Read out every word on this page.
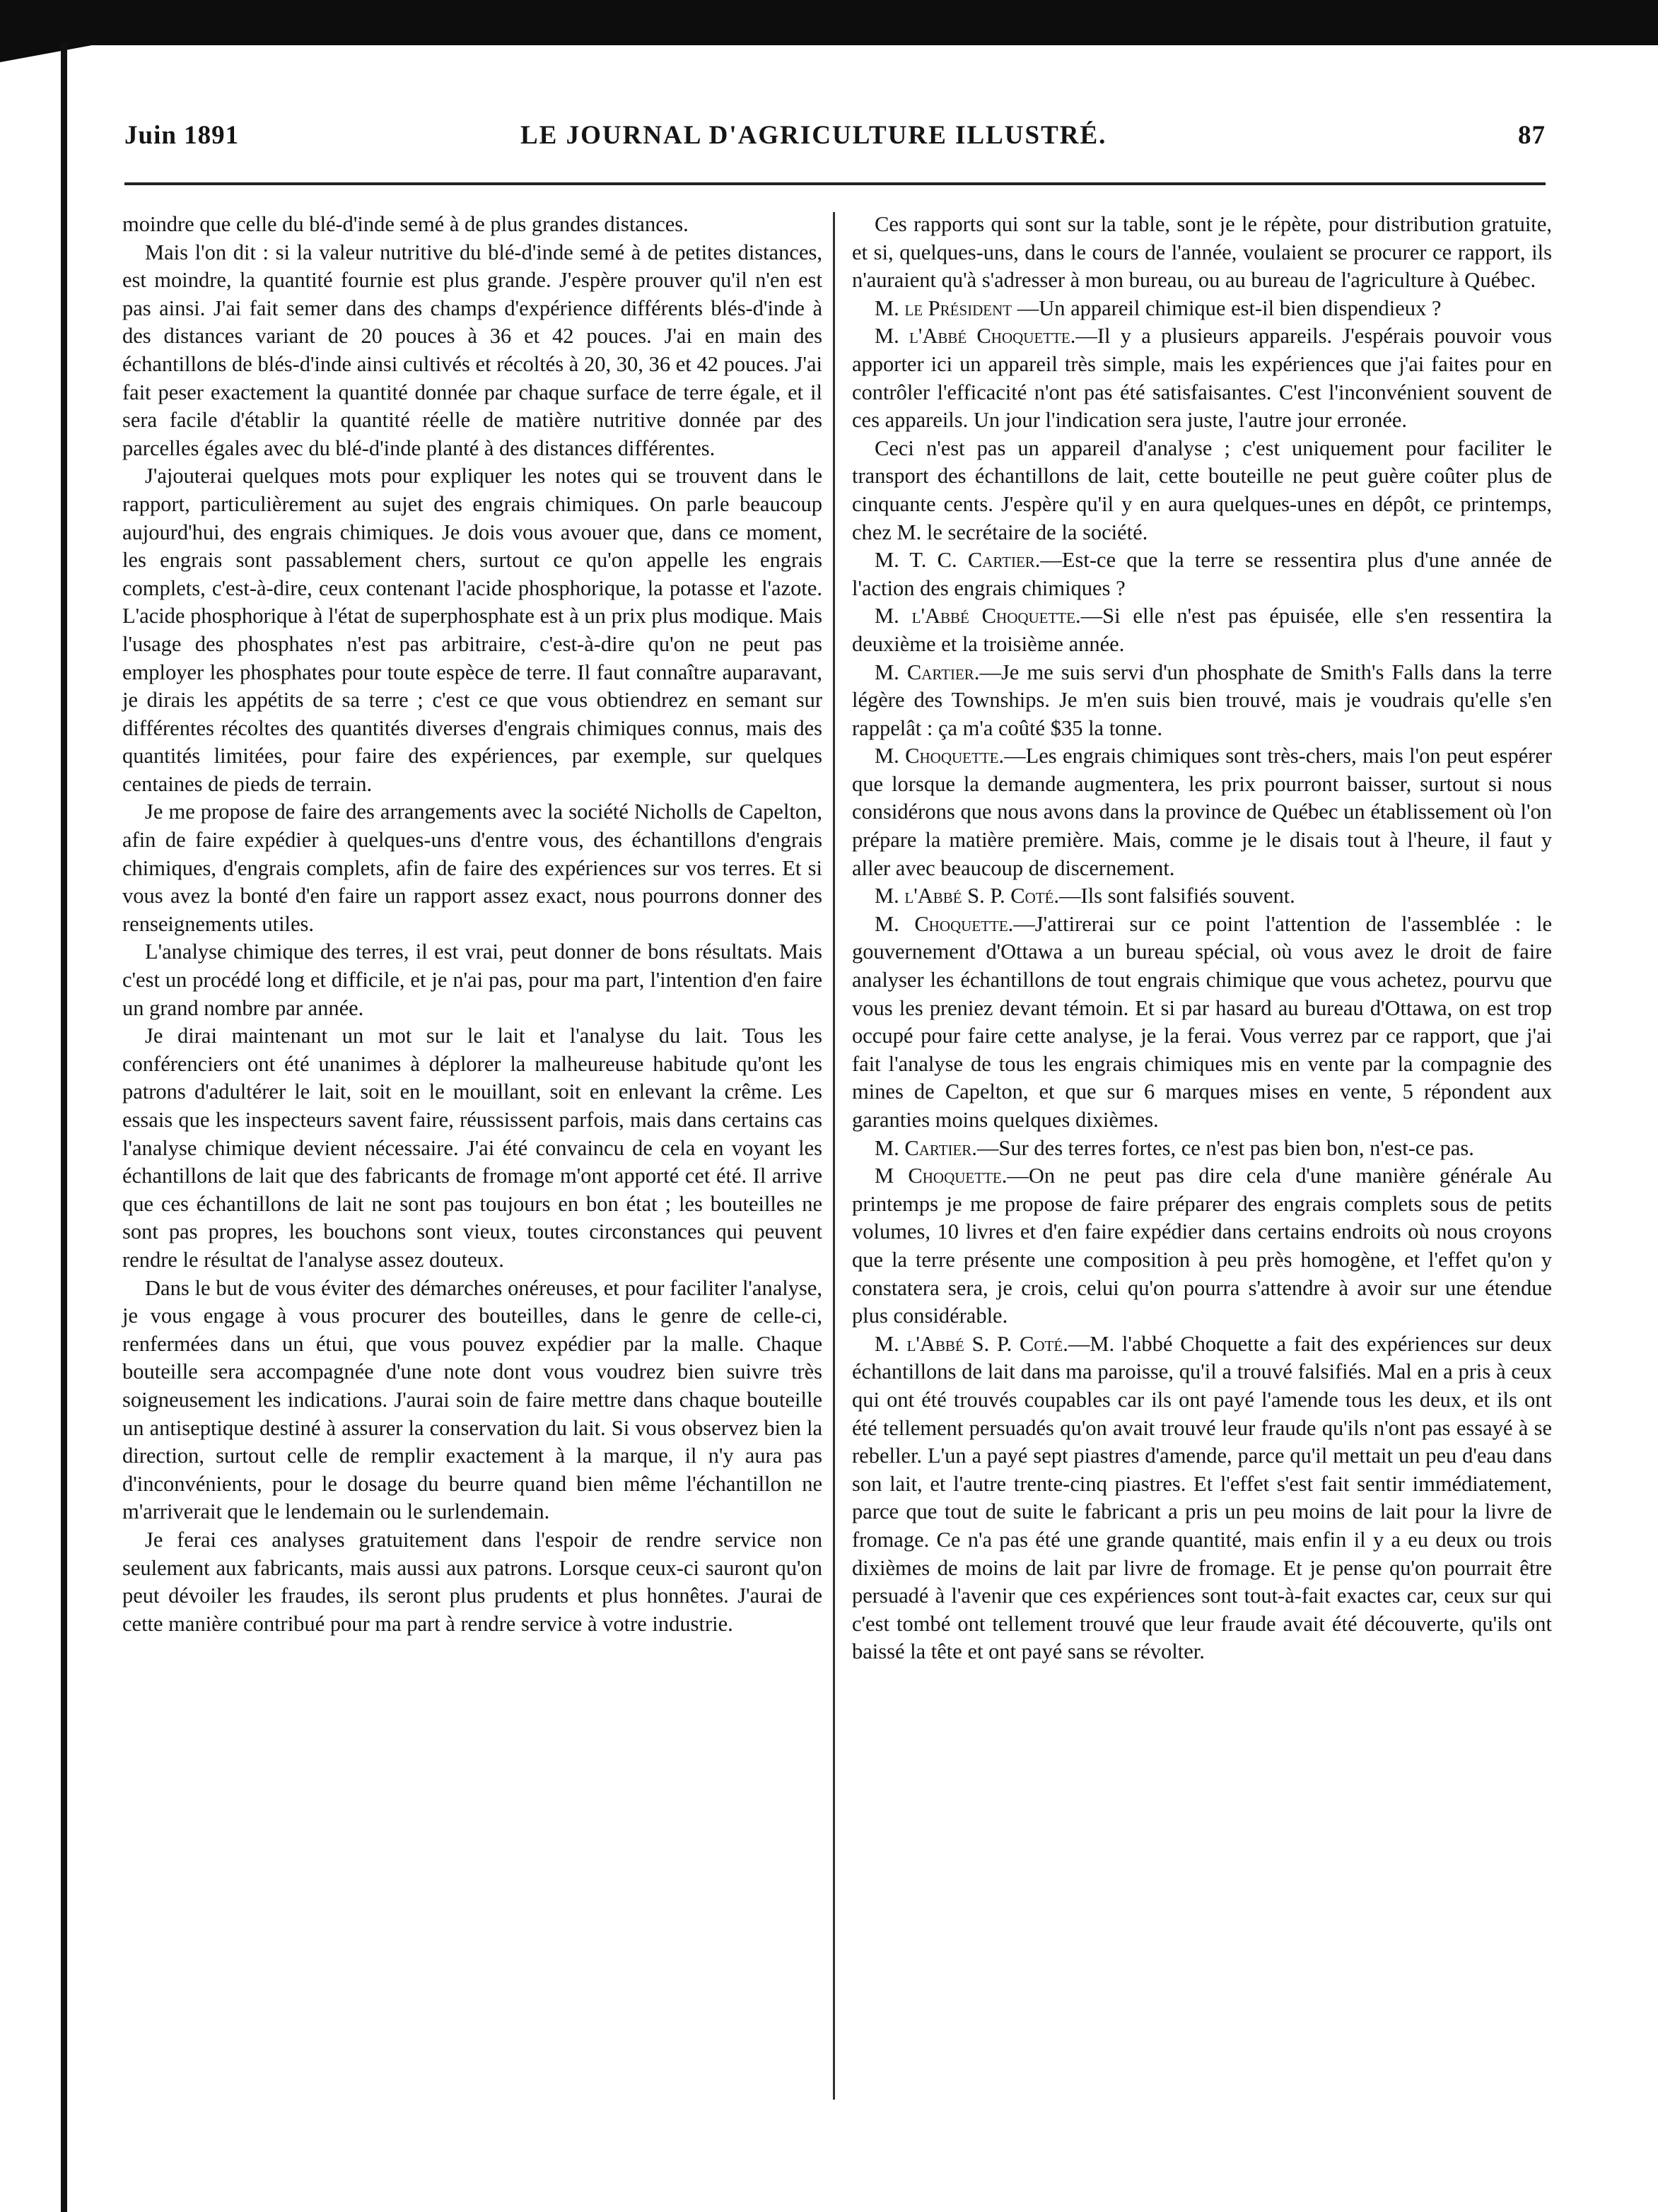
Juin 1891	LE JOURNAL D'AGRICULTURE ILLUSTRÉ.	87

moindre que celle du blé-d'inde semé à de plus grandes distances.

Mais l'on dit : si la valeur nutritive du blé-d'inde semé à de petites distances, est moindre, la quantité fournie est plus grande. J'espère prouver qu'il n'en est pas ainsi. J'ai fait semer dans des champs d'expérience différents blés-d'inde à des distances variant de 20 pouces à 36 et 42 pouces. J'ai en main des échantillons de blés-d'inde ainsi cultivés et récoltés à 20, 30, 36 et 42 pouces. J'ai fait peser exactement la quantité donnée par chaque surface de terre égale, et il sera facile d'établir la quantité réelle de matière nutritive donnée par des parcelles égales avec du blé-d'inde planté à des distances différentes.

J'ajouterai quelques mots pour expliquer les notes qui se trouvent dans le rapport, particulièrement au sujet des engrais chimiques. On parle beaucoup aujourd'hui, des engrais chimiques. Je dois vous avouer que, dans ce moment, les engrais sont passablement chers, surtout ce qu'on appelle les engrais complets, c'est-à-dire, ceux contenant l'acide phosphorique, la potasse et l'azote. L'acide phosphorique à l'état de superphosphate est à un prix plus modique. Mais l'usage des phosphates n'est pas arbitraire, c'est-à-dire qu'on ne peut pas employer les phosphates pour toute espèce de terre. Il faut connaître auparavant, je dirais les appétits de sa terre ; c'est ce que vous obtiendrez en semant sur différentes récoltes des quantités diverses d'engrais chimiques connus, mais des quantités limitées, pour faire des expériences, par exemple, sur quelques centaines de pieds de terrain.

Je me propose de faire des arrangements avec la société Nicholls de Capelton, afin de faire expédier à quelques-uns d'entre vous, des échantillons d'engrais chimiques, d'engrais complets, afin de faire des expériences sur vos terres. Et si vous avez la bonté d'en faire un rapport assez exact, nous pourrons donner des renseignements utiles.

L'analyse chimique des terres, il est vrai, peut donner de bons résultats. Mais c'est un procédé long et difficile, et je n'ai pas, pour ma part, l'intention d'en faire un grand nombre par année.

Je dirai maintenant un mot sur le lait et l'analyse du lait. Tous les conférenciers ont été unanimes à déplorer la malheureuse habitude qu'ont les patrons d'adultérer le lait, soit en le mouillant, soit en enlevant la crême. Les essais que les inspecteurs savent faire, réussissent parfois, mais dans certains cas l'analyse chimique devient nécessaire. J'ai été convaincu de cela en voyant les échantillons de lait que des fabricants de fromage m'ont apporté cet été. Il arrive que ces échantillons de lait ne sont pas toujours en bon état ; les bouteilles ne sont pas propres, les bouchons sont vieux, toutes circonstances qui peuvent rendre le résultat de l'analyse assez douteux.

Dans le but de vous éviter des démarches onéreuses, et pour faciliter l'analyse, je vous engage à vous procurer des bouteilles, dans le genre de celle-ci, renfermées dans un étui, que vous pouvez expédier par la malle. Chaque bouteille sera accompagnée d'une note dont vous voudrez bien suivre très soigneusement les indications. J'aurai soin de faire mettre dans chaque bouteille un antiseptique destiné à assurer la conservation du lait. Si vous observez bien la direction, surtout celle de remplir exactement à la marque, il n'y aura pas d'inconvénients, pour le dosage du beurre quand bien même l'échantillon ne m'arriverait que le lendemain ou le surlendemain.

Je ferai ces analyses gratuitement dans l'espoir de rendre service non seulement aux fabricants, mais aussi aux patrons. Lorsque ceux-ci sauront qu'on peut dévoiler les fraudes, ils seront plus prudents et plus honnêtes. J'aurai de cette manière contribué pour ma part à rendre service à votre industrie.

Ces rapports qui sont sur la table, sont je le répète, pour distribution gratuite, et si, quelques-uns, dans le cours de l'année, voulaient se procurer ce rapport, ils n'auraient qu'à s'adresser à mon bureau, ou au bureau de l'agriculture à Québec.

M. le Président —Un appareil chimique est-il bien dispendieux ?

M. l'Abbé Choquette.—Il y a plusieurs appareils. J'espérais pouvoir vous apporter ici un appareil très simple, mais les expériences que j'ai faites pour en contrôler l'efficacité n'ont pas été satisfaisantes. C'est l'inconvénient souvent de ces appareils. Un jour l'indication sera juste, l'autre jour erronée.

Ceci n'est pas un appareil d'analyse ; c'est uniquement pour faciliter le transport des échantillons de lait, cette bouteille ne peut guère coûter plus de cinquante cents. J'espère qu'il y en aura quelques-unes en dépôt, ce printemps, chez M. le secrétaire de la société.

M. T. C. Cartier.—Est-ce que la terre se ressentira plus d'une année de l'action des engrais chimiques ?

M. l'Abbé Choquette.—Si elle n'est pas épuisée, elle s'en ressentira la deuxième et la troisième année.

M. Cartier.—Je me suis servi d'un phosphate de Smith's Falls dans la terre légère des Townships. Je m'en suis bien trouvé, mais je voudrais qu'elle s'en rappelât : ça m'a coûté $35 la tonne.

M. Choquette.—Les engrais chimiques sont très-chers, mais l'on peut espérer que lorsque la demande augmentera, les prix pourront baisser, surtout si nous considérons que nous avons dans la province de Québec un établissement où l'on prépare la matière première. Mais, comme je le disais tout à l'heure, il faut y aller avec beaucoup de discernement.

M. l'Abbé S. P. Coté.—Ils sont falsifiés souvent.

M. Choquette.—J'attirerai sur ce point l'attention de l'assemblée : le gouvernement d'Ottawa a un bureau spécial, où vous avez le droit de faire analyser les échantillons de tout engrais chimique que vous achetez, pourvu que vous les preniez devant témoin. Et si par hasard au bureau d'Ottawa, on est trop occupé pour faire cette analyse, je la ferai. Vous verrez par ce rapport, que j'ai fait l'analyse de tous les engrais chimiques mis en vente par la compagnie des mines de Capelton, et que sur 6 marques mises en vente, 5 répondent aux garanties moins quelques dixièmes.

M. Cartier.—Sur des terres fortes, ce n'est pas bien bon, n'est-ce pas.

M Choquette.—On ne peut pas dire cela d'une manière générale Au printemps je me propose de faire préparer des engrais complets sous de petits volumes, 10 livres et d'en faire expédier dans certains endroits où nous croyons que la terre présente une composition à peu près homogène, et l'effet qu'on y constatera sera, je crois, celui qu'on pourra s'attendre à avoir sur une étendue plus considérable.

M. l'Abbé S. P. Coté.—M. l'abbé Choquette a fait des expériences sur deux échantillons de lait dans ma paroisse, qu'il a trouvé falsifiés. Mal en a pris à ceux qui ont été trouvés coupables car ils ont payé l'amende tous les deux, et ils ont été tellement persuadés qu'on avait trouvé leur fraude qu'ils n'ont pas essayé à se rebeller. L'un a payé sept piastres d'amende, parce qu'il mettait un peu d'eau dans son lait, et l'autre trente-cinq piastres. Et l'effet s'est fait sentir immédiatement, parce que tout de suite le fabricant a pris un peu moins de lait pour la livre de fromage. Ce n'a pas été une grande quantité, mais enfin il y a eu deux ou trois dixièmes de moins de lait par livre de fromage. Et je pense qu'on pourrait être persuadé à l'avenir que ces expériences sont tout-à-fait exactes car, ceux sur qui c'est tombé ont tellement trouvé que leur fraude avait été découverte, qu'ils ont baissé la tête et ont payé sans se révolter.
